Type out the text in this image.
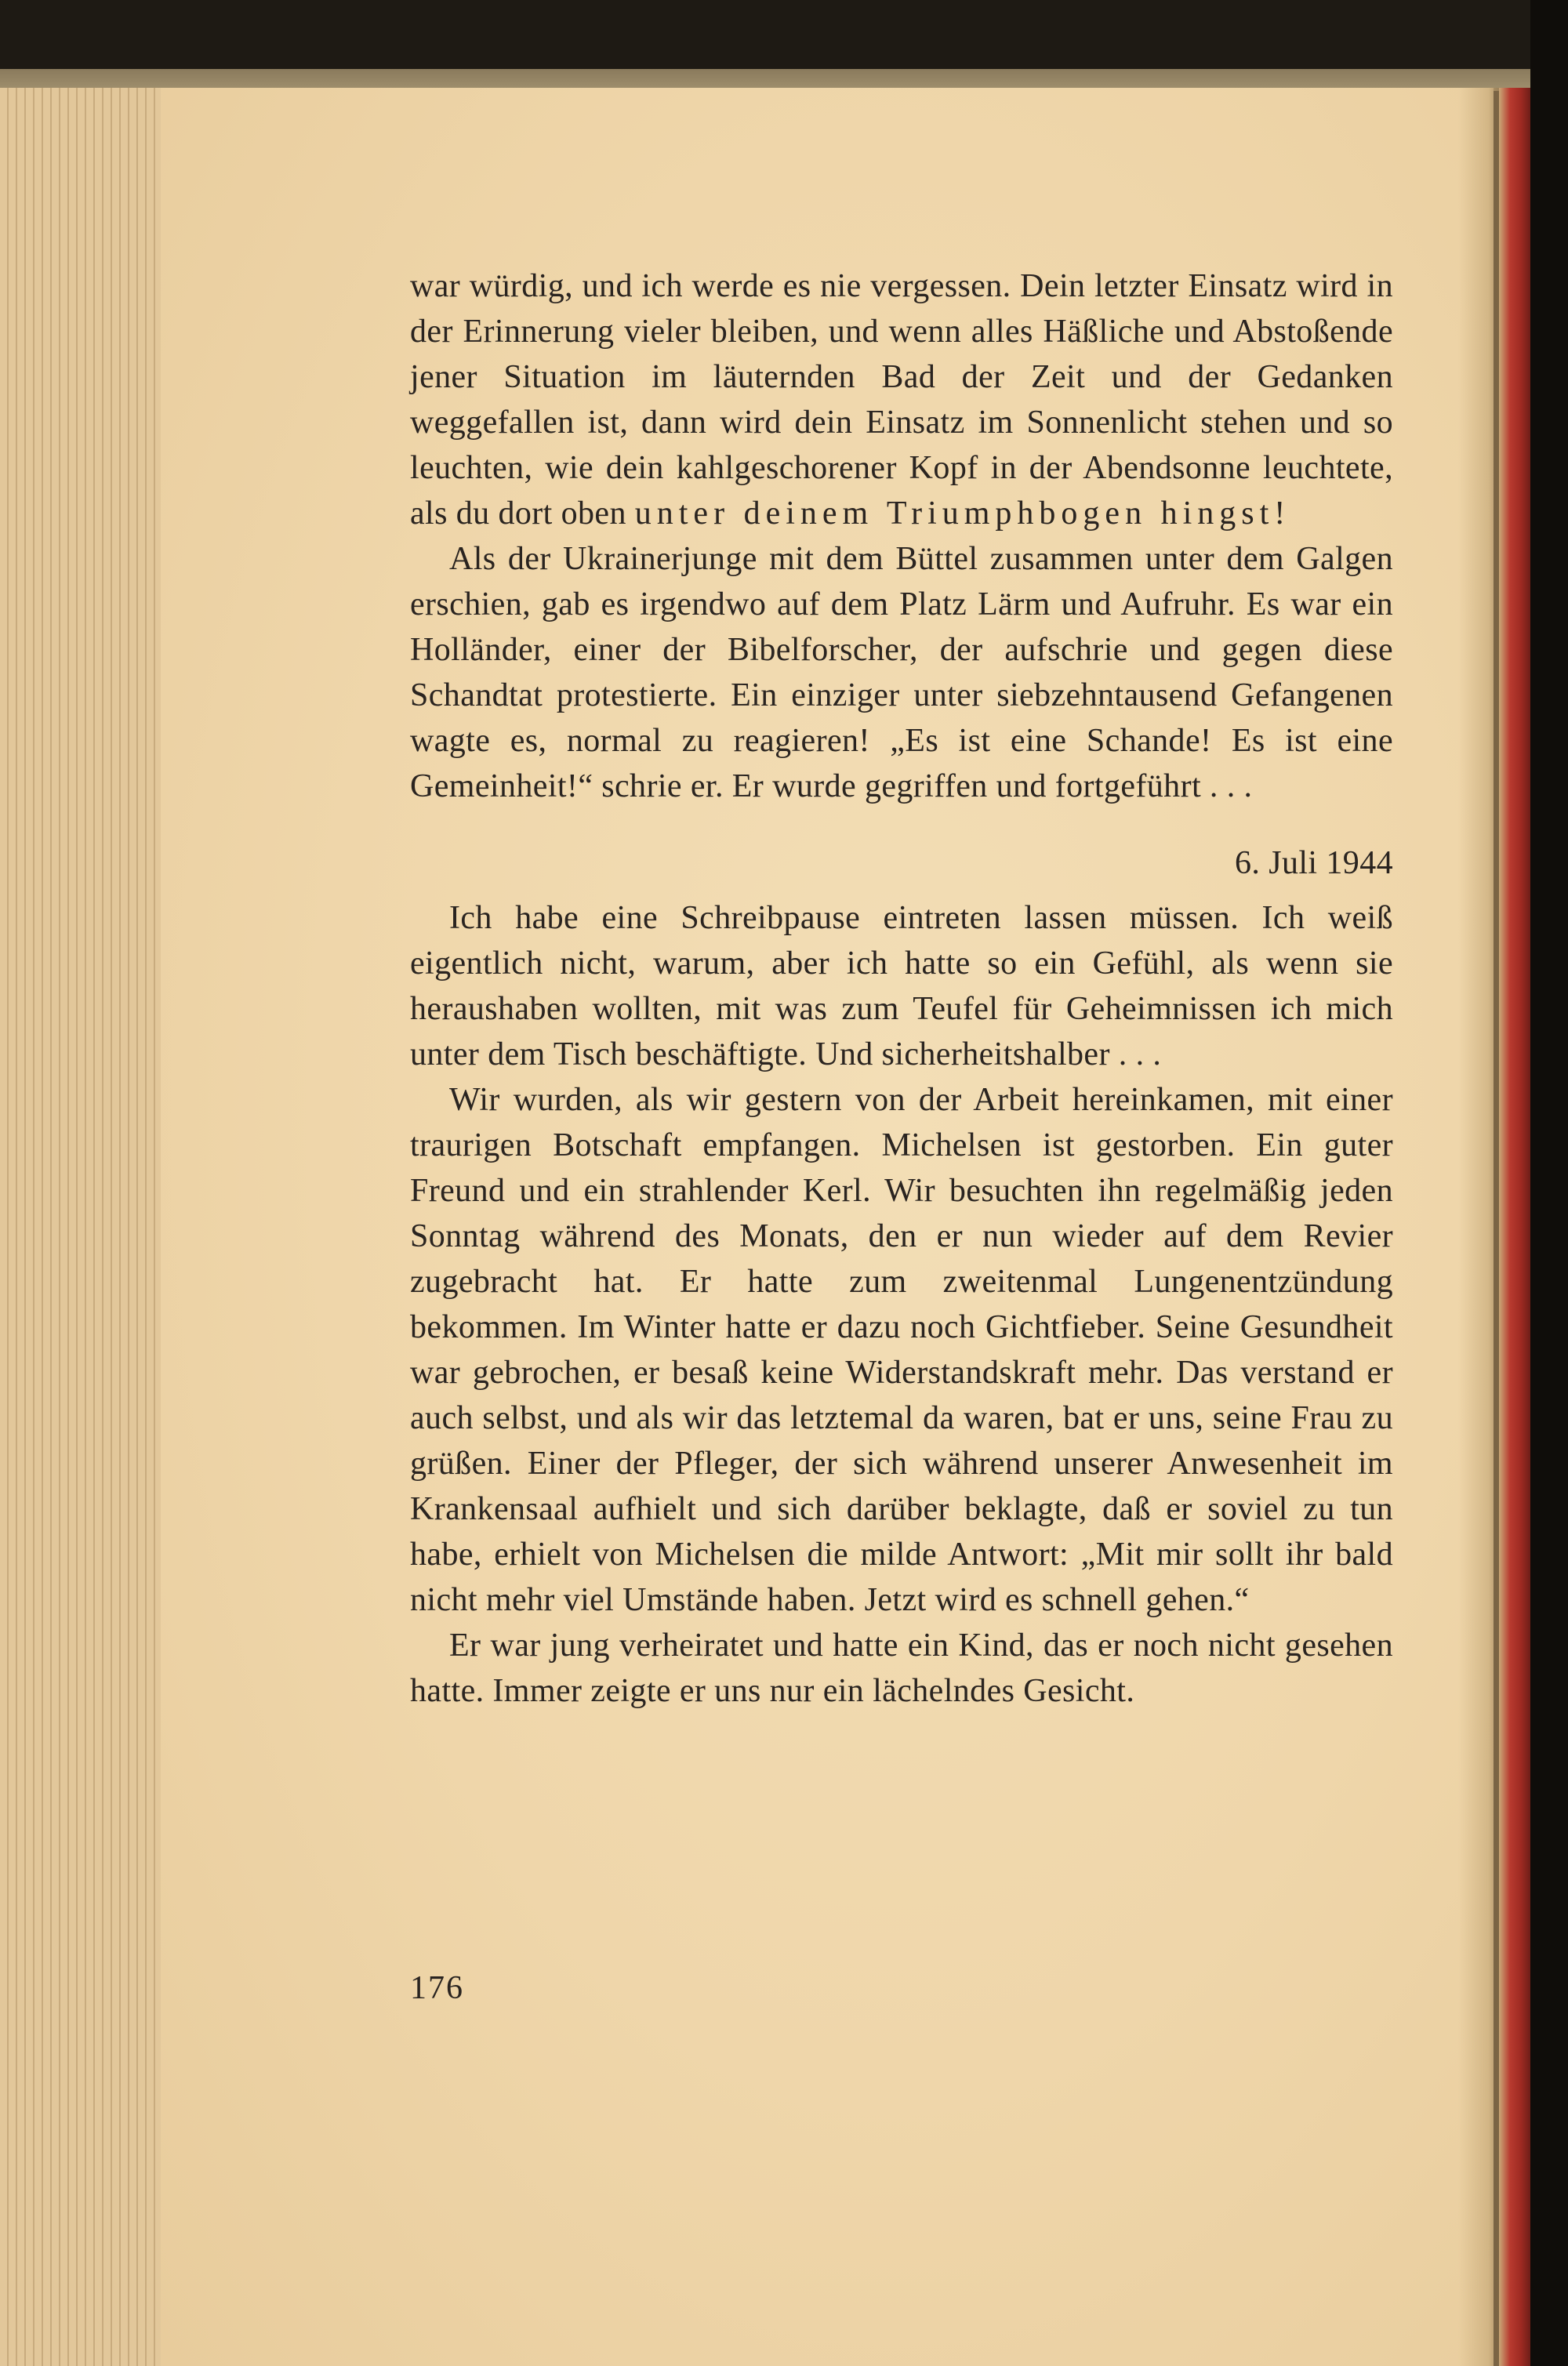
war würdig, und ich werde es nie vergessen. Dein letzter Einsatz wird in der Erinnerung vieler bleiben, und wenn alles Häßliche und Abstoßende jener Situation im läuternden Bad der Zeit und der Gedanken weggefallen ist, dann wird dein Einsatz im Sonnenlicht stehen und so leuchten, wie dein kahlgeschorener Kopf in der Abendsonne leuchtete, als du dort oben unter deinem Triumphbogen hingst!

Als der Ukrainerjunge mit dem Büttel zusammen unter dem Galgen erschien, gab es irgendwo auf dem Platz Lärm und Aufruhr. Es war ein Holländer, einer der Bibelforscher, der aufschrie und gegen diese Schandtat protestierte. Ein einziger unter siebzehntausend Gefangenen wagte es, normal zu reagieren! „Es ist eine Schande! Es ist eine Gemeinheit!“ schrie er. Er wurde gegriffen und fortgeführt . . .

6. Juli 1944

Ich habe eine Schreibpause eintreten lassen müssen. Ich weiß eigentlich nicht, warum, aber ich hatte so ein Gefühl, als wenn sie heraushaben wollten, mit was zum Teufel für Geheimnissen ich mich unter dem Tisch beschäftigte. Und sicherheitshalber . . .

Wir wurden, als wir gestern von der Arbeit hereinkamen, mit einer traurigen Botschaft empfangen. Michelsen ist gestorben. Ein guter Freund und ein strahlender Kerl. Wir besuchten ihn regelmäßig jeden Sonntag während des Monats, den er nun wieder auf dem Revier zugebracht hat. Er hatte zum zweitenmal Lungenentzündung bekommen. Im Winter hatte er dazu noch Gichtfieber. Seine Gesundheit war gebrochen, er besaß keine Widerstandskraft mehr. Das verstand er auch selbst, und als wir das letztemal da waren, bat er uns, seine Frau zu grüßen. Einer der Pfleger, der sich während unserer Anwesenheit im Krankensaal aufhielt und sich darüber beklagte, daß er soviel zu tun habe, erhielt von Michelsen die milde Antwort: „Mit mir sollt ihr bald nicht mehr viel Umstände haben. Jetzt wird es schnell gehen.“

Er war jung verheiratet und hatte ein Kind, das er noch nicht gesehen hatte. Immer zeigte er uns nur ein lächelndes Gesicht.

176
